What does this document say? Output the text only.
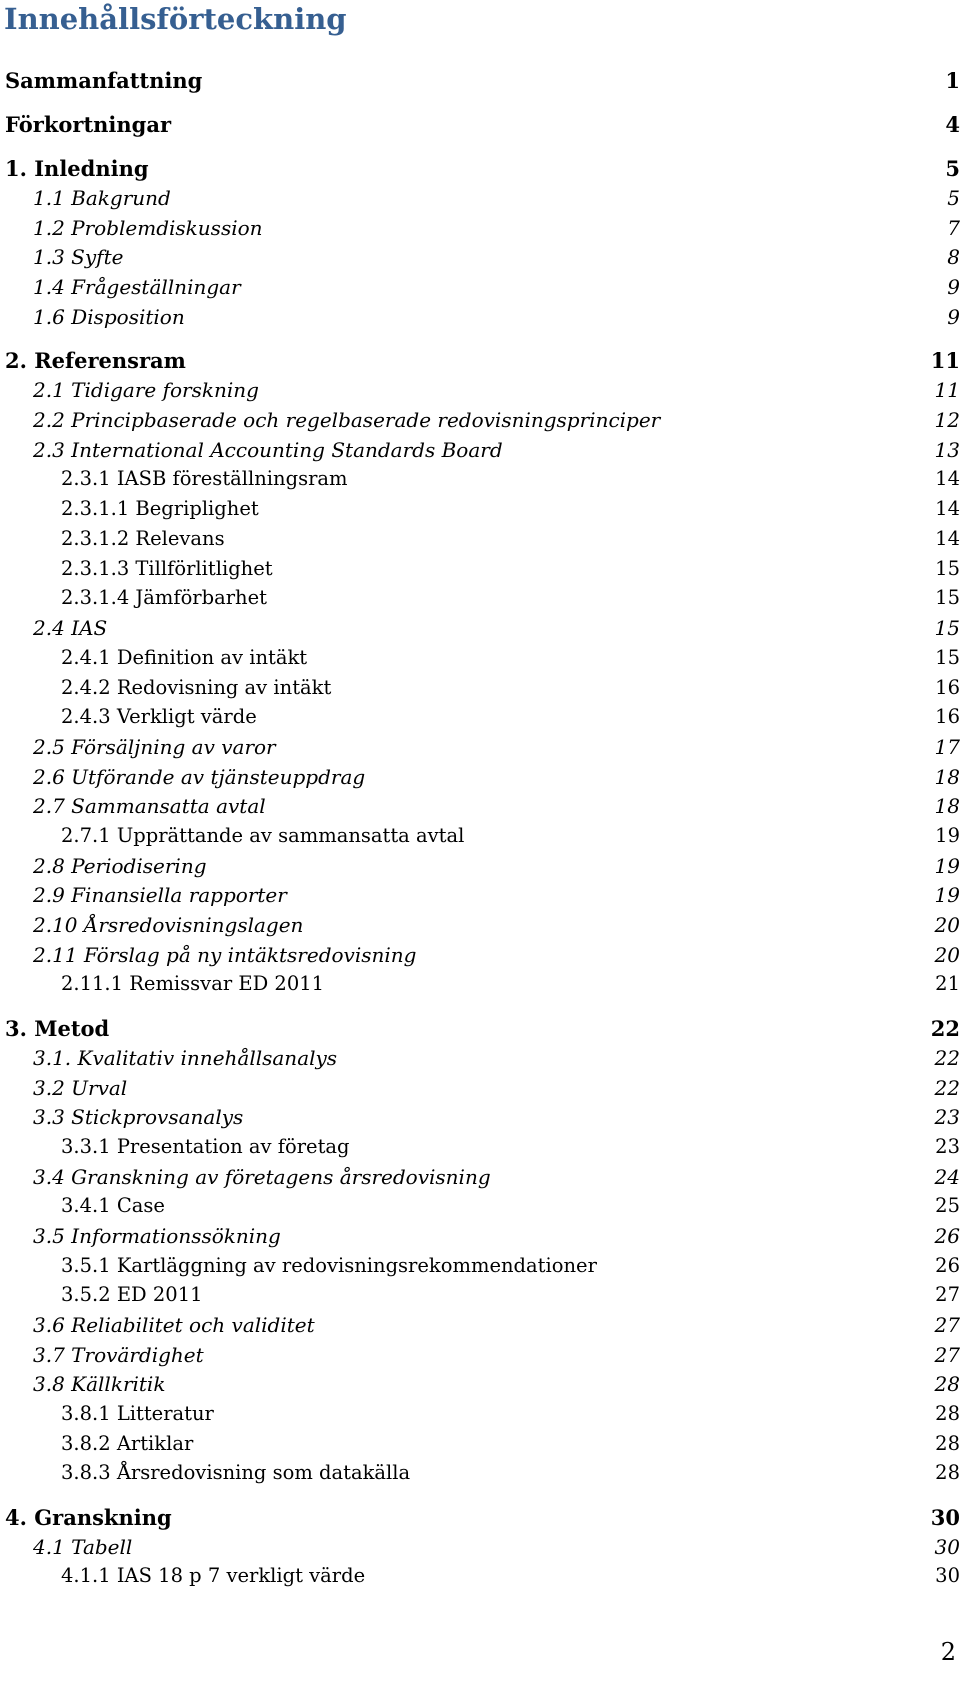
Innehållsförteckning
Sammanfattning	1
Förkortningar	4
1. Inledning	5
1.1 Bakgrund	5
1.2 Problemdiskussion	7
1.3 Syfte	8
1.4 Frågeställningar	9
1.6 Disposition	9
2. Referensram	11
2.1 Tidigare forskning	11
2.2 Principbaserade och regelbaserade redovisningsprinciper	12
2.3 International Accounting Standards Board	13
2.3.1 IASB föreställningsram	14
2.3.1.1 Begriplighet	14
2.3.1.2 Relevans	14
2.3.1.3 Tillförlitlighet	15
2.3.1.4 Jämförbarhet	15
2.4 IAS	15
2.4.1 Definition av intäkt	15
2.4.2 Redovisning av intäkt	16
2.4.3 Verkligt värde	16
2.5 Försäljning av varor	17
2.6 Utförande av tjänsteuppdrag	18
2.7 Sammansatta avtal	18
2.7.1 Upprättande av sammansatta avtal	19
2.8 Periodisering	19
2.9 Finansiella rapporter	19
2.10 Årsredovisningslagen	20
2.11 Förslag på ny intäktsredovisning	20
2.11.1 Remissvar ED 2011	21
3. Metod	22
3.1. Kvalitativ innehållsanalys	22
3.2 Urval	22
3.3 Stickprovsanalys	23
3.3.1 Presentation av företag	23
3.4 Granskning av företagens årsredovisning	24
3.4.1 Case	25
3.5 Informationssökning	26
3.5.1 Kartläggning av redovisningsrekommendationer	26
3.5.2 ED 2011	27
3.6 Reliabilitet och validitet	27
3.7 Trovärdighet	27
3.8 Källkritik	28
3.8.1 Litteratur	28
3.8.2 Artiklar	28
3.8.3 Årsredovisning som datakälla	28
4. Granskning	30
4.1 Tabell	30
4.1.1 IAS 18 p 7 verkligt värde	30
2
